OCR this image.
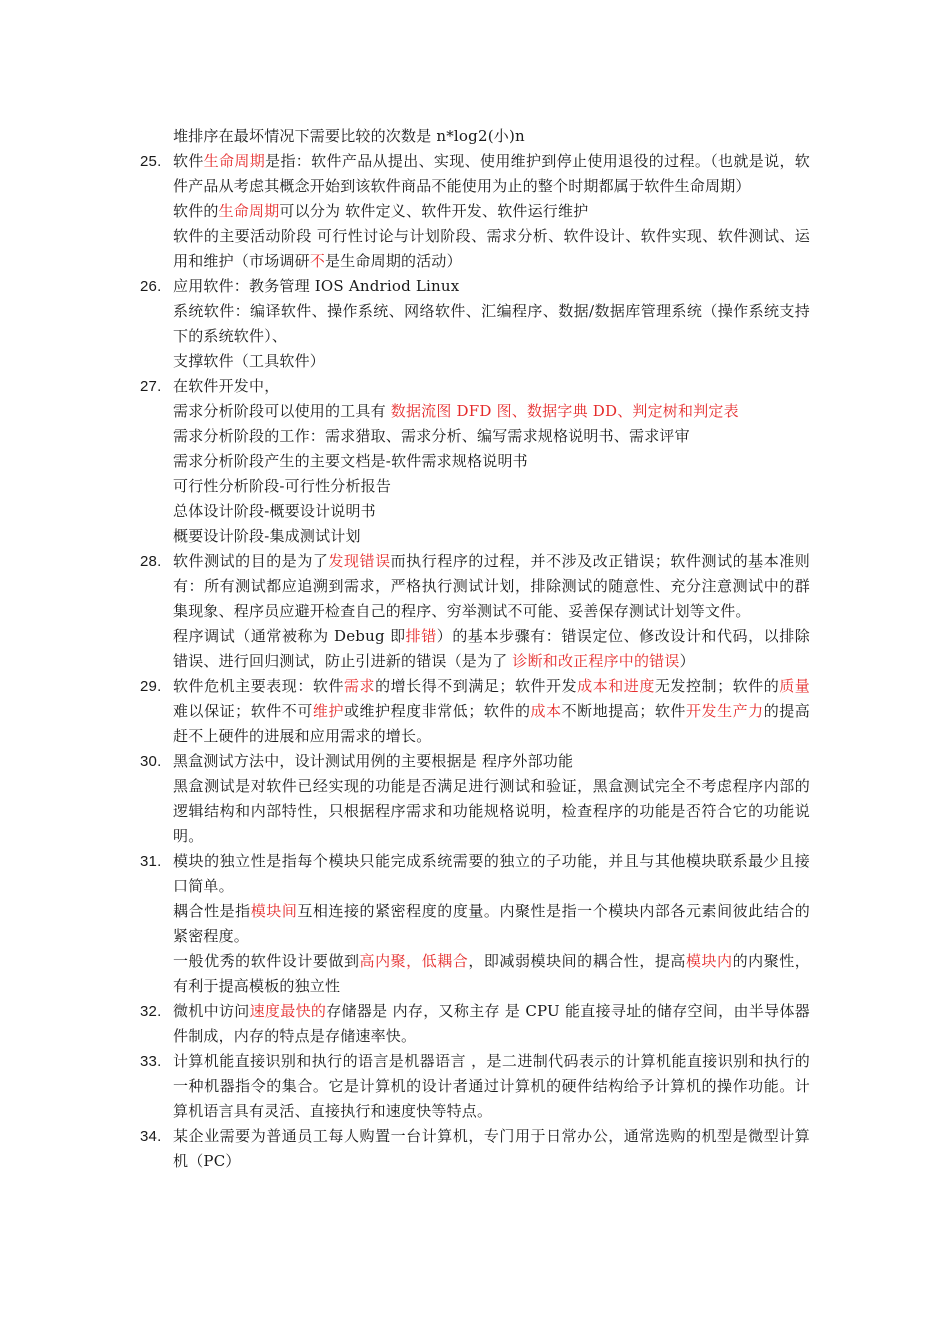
堆排序在最坏情况下需要比较的次数是 n*log2(小)n
25. 软件生命周期是指：软件产品从提出、实现、使用维护到停止使用退役的过程。（也就是说，软件产品从考虑其概念开始到该软件商品不能使用为止的整个时期都属于软件生命周期）
软件的生命周期可以分为 软件定义、软件开发、软件运行维护
软件的主要活动阶段 可行性讨论与计划阶段、需求分析、软件设计、软件实现、软件测试、运用和维护（市场调研不是生命周期的活动）
26. 应用软件：教务管理 IOS Andriod Linux
系统软件：编译软件、操作系统、网络软件、汇编程序、数据/数据库管理系统（操作系统支持下的系统软件）、
支撑软件（工具软件）
27. 在软件开发中，
需求分析阶段可以使用的工具有 数据流图 DFD 图、数据字典 DD、判定树和判定表
需求分析阶段的工作：需求猎取、需求分析、编写需求规格说明书、需求评审
需求分析阶段产生的主要文档是-软件需求规格说明书
可行性分析阶段-可行性分析报告
总体设计阶段-概要设计说明书
概要设计阶段-集成测试计划
28. 软件测试的目的是为了发现错误而执行程序的过程，并不涉及改正错误；软件测试的基本准则有：所有测试都应追溯到需求，严格执行测试计划，排除测试的随意性、充分注意测试中的群集现象、程序员应避开检查自己的程序、穷举测试不可能、妥善保存测试计划等文件。
程序调试（通常被称为 Debug 即排错）的基本步骤有：错误定位、修改设计和代码，以排除错误、进行回归测试，防止引进新的错误（是为了 诊断和改正程序中的错误）
29. 软件危机主要表现：软件需求的增长得不到满足；软件开发成本和进度无发控制；软件的质量难以保证；软件不可维护或维护程度非常低；软件的成本不断地提高；软件开发生产力的提高赶不上硬件的进展和应用需求的增长。
30. 黑盒测试方法中，设计测试用例的主要根据是 程序外部功能
黑盒测试是对软件已经实现的功能是否满足进行测试和验证，黑盒测试完全不考虑程序内部的逻辑结构和内部特性，只根据程序需求和功能规格说明，检查程序的功能是否符合它的功能说明。
31. 模块的独立性是指每个模块只能完成系统需要的独立的子功能，并且与其他模块联系最少且接口简单。
耦合性是指模块间互相连接的紧密程度的度量。内聚性是指一个模块内部各元素间彼此结合的紧密程度。
一般优秀的软件设计要做到高内聚，低耦合，即减弱模块间的耦合性，提高模块内的内聚性，有利于提高模板的独立性
32. 微机中访问速度最快的存储器是 内存，又称主存 是 CPU 能直接寻址的储存空间，由半导体器件制成，内存的特点是存储速率快。
33. 计算机能直接识别和执行的语言是机器语言 ，是二进制代码表示的计算机能直接识别和执行的一种机器指令的集合。它是计算机的设计者通过计算机的硬件结构给予计算机的操作功能。计算机语言具有灵活、直接执行和速度快等特点。
34. 某企业需要为普通员工每人购置一台计算机，专门用于日常办公，通常选购的机型是微型计算机（PC）
